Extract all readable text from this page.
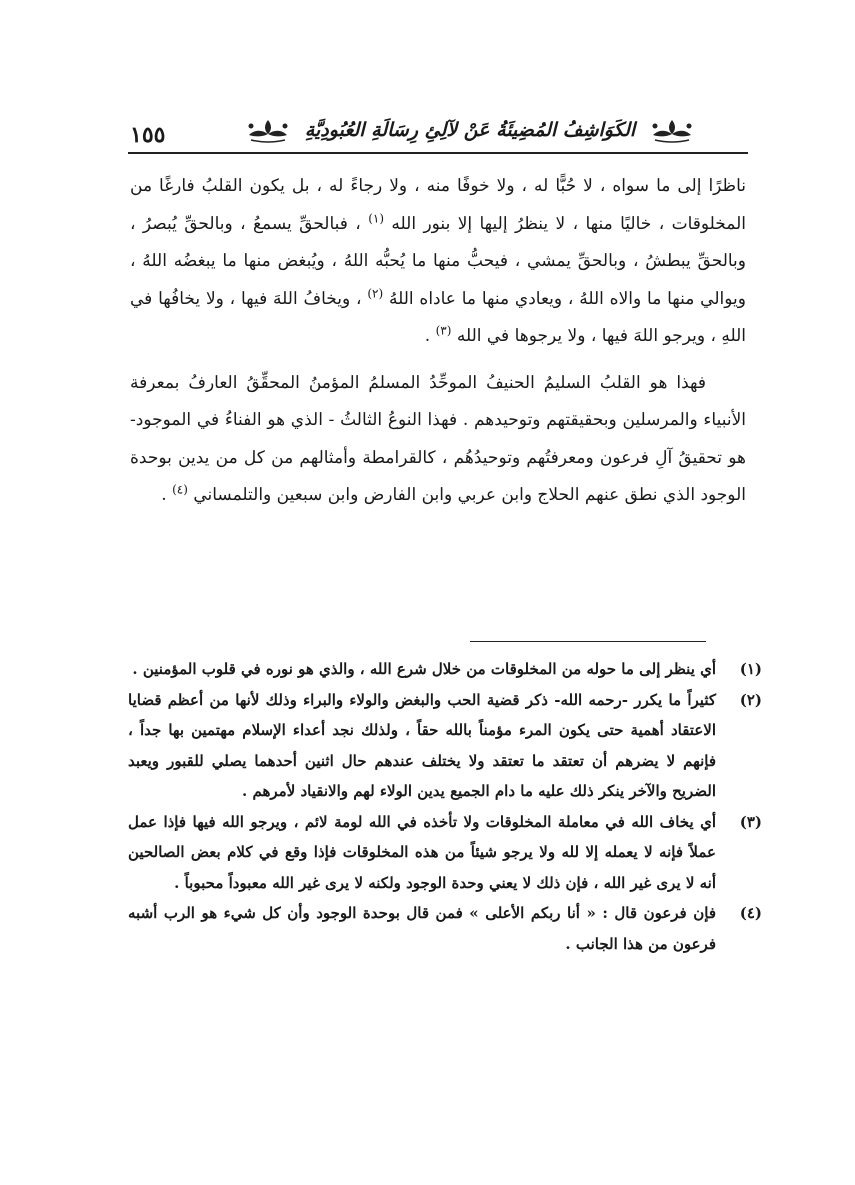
١٥٥	الكَوَاشِفُ المُضِيئَةُ عَنْ لآلِئِ رِسَالَةِ العُبُودِيَّةِ

ناظرًا إلى ما سواه ، لا حُبًّا له ، ولا خوفًا منه ، ولا رجاءً له ، بل يكون القلبُ فارغًا من المخلوقات ، خاليًا منها ، لا ينظرُ إليها إلا بنور الله $^{(١)}$ ، فبالحقِّ يسمعُ ، وبالحقِّ يُبصرُ ، وبالحقِّ يبطشُ ، وبالحقِّ يمشي ، فيحبُّ منها ما يُحبُّه اللهُ ، ويُبغض منها ما يبغضُه اللهُ ، ويوالي منها ما والاه اللهُ ، ويعادي منها ما عاداه اللهُ $^{(٢)}$ ، ويخافُ اللهَ فيها ، ولا يخافُها في اللهِ ، ويرجو اللهَ فيها ، ولا يرجوها في الله $^{(٣)}$ .

فهذا هو القلبُ السليمُ الحنيفُ الموحِّدُ المسلمُ المؤمنُ المحقِّقُ العارفُ بمعرفة الأنبياء والمرسلين وبحقيقتهم وتوحيدهم . فهذا النوعُ الثالثُ - الذي هو الفناءُ في الموجود- هو تحقيقُ آلِ فرعون ومعرفتُهم وتوحيدُهُم ، كالقرامطة وأمثالهم من كل من يدين بوحدة الوجود الذي نطق عنهم الحلاج وابن عربي وابن الفارض وابن سبعين والتلمساني $^{(٤)}$ .

(١)
أي ينظر إلى ما حوله من المخلوقات من خلال شرع الله ، والذي هو نوره في قلوب المؤمنين .
(٢)
كثيراً ما يكرر -رحمه الله- ذكر قضية الحب والبغض والولاء والبراء وذلك لأنها من أعظم قضايا الاعتقاد أهمية حتى يكون المرء مؤمناً بالله حقاً ، ولذلك نجد أعداء الإسلام مهتمين بها جداً ، فإنهم لا يضرهم أن تعتقد ما تعتقد ولا يختلف عندهم حال اثنين أحدهما يصلي للقبور ويعبد الضريح والآخر ينكر ذلك عليه ما دام الجميع يدين الولاء لهم والانقياد لأمرهم .
(٣)
أي يخاف الله في معاملة المخلوقات ولا تأخذه في الله لومة لائم ، ويرجو الله فيها فإذا عمل عملاً فإنه لا يعمله إلا لله ولا يرجو شيئاً من هذه المخلوقات فإذا وقع في كلام بعض الصالحين أنه لا يرى غير الله ، فإن ذلك لا يعني وحدة الوجود ولكنه لا يرى غير الله معبوداً محبوباً .
(٤)
فإن فرعون قال : « أنا ربكم الأعلى » فمن قال بوحدة الوجود وأن كل شيء هو الرب أشبه فرعون من هذا الجانب .
